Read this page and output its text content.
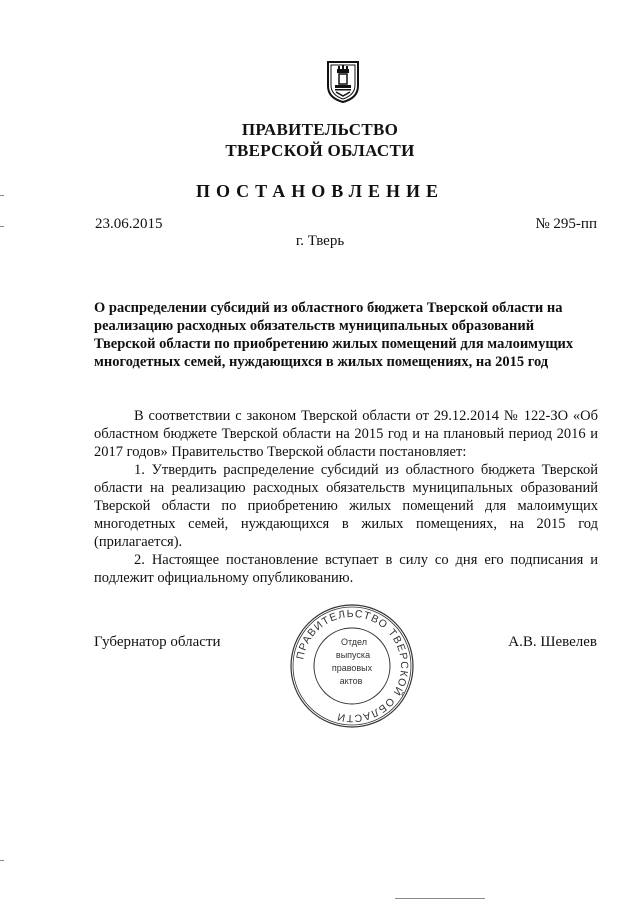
ПРАВИТЕЛЬСТВО
ТВЕРСКОЙ ОБЛАСТИ
ПОСТАНОВЛЕНИЕ
23.06.2015	№ 295-пп
г. Тверь
О распределении субсидий из областного бюджета Тверской области на
реализацию расходных обязательств муниципальных образований
Тверской области по приобретению жилых помещений для малоимущих
многодетных семей, нуждающихся в жилых помещениях, на 2015 год

В соответствии с законом Тверской области от 29.12.2014 № 122-ЗО «Об областном бюджете Тверской области на 2015 год и на плановый период 2016 и 2017 годов» Правительство Тверской области постановляет:

1. Утвердить распределение субсидий из областного бюджета Тверской области на реализацию расходных обязательств муниципальных образований Тверской области по приобретению жилых помещений для малоимущих многодетных семей, нуждающихся в жилых помещениях, на 2015 год (прилагается).

2. Настоящее постановление вступает в силу со дня его подписания и подлежит официальному опубликованию.

Губернатор области	А.В. Шевелев
ПРАВИТЕЛЬСТВО ТВЕРСКОЙ ОБЛАСТИ
Отдел
выпуска
правовых
актов
